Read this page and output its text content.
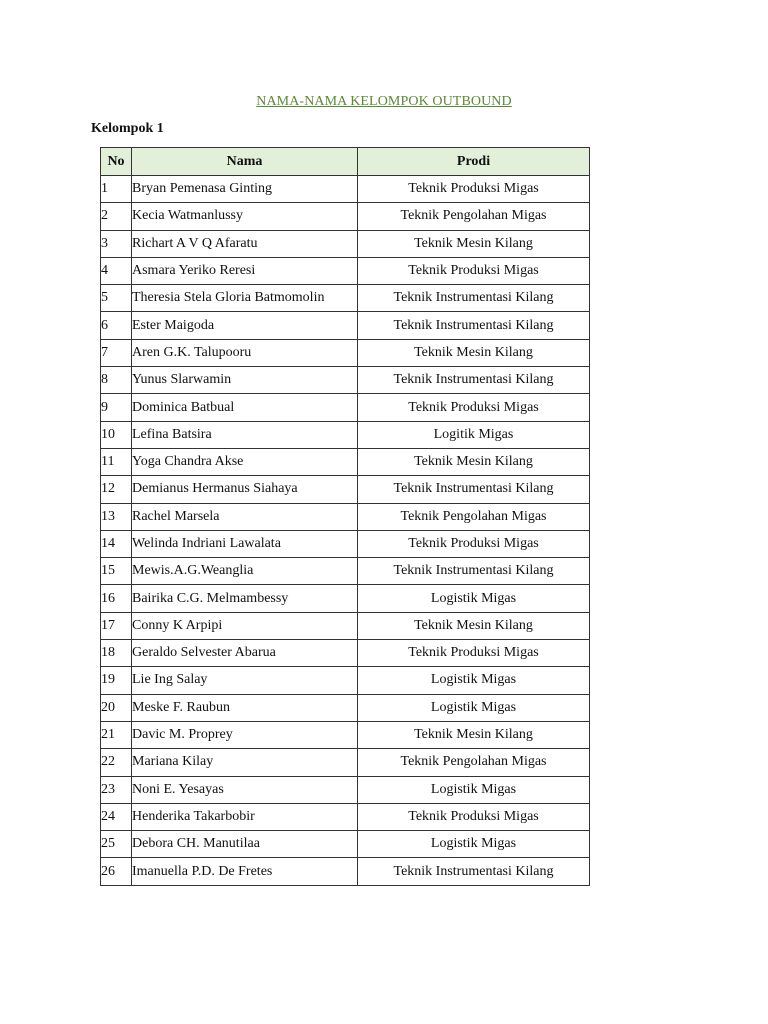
NAMA-NAMA KELOMPOK OUTBOUND
Kelompok 1
No	Nama	Prodi
1	Bryan Pemenasa Ginting	Teknik Produksi Migas
2	Kecia Watmanlussy	Teknik Pengolahan Migas
3	Richart A V Q Afaratu	Teknik Mesin Kilang
4	Asmara Yeriko Reresi	Teknik Produksi Migas
5	Theresia Stela Gloria Batmomolin	Teknik Instrumentasi Kilang
6	Ester Maigoda	Teknik Instrumentasi Kilang
7	Aren G.K. Talupooru	Teknik Mesin Kilang
8	Yunus Slarwamin	Teknik Instrumentasi Kilang
9	Dominica Batbual	Teknik Produksi Migas
10	Lefina Batsira	Logitik Migas
11	Yoga Chandra Akse	Teknik Mesin Kilang
12	Demianus Hermanus Siahaya	Teknik Instrumentasi Kilang
13	Rachel Marsela	Teknik Pengolahan Migas
14	Welinda Indriani Lawalata	Teknik Produksi Migas
15	Mewis.A.G.Weanglia	Teknik Instrumentasi Kilang
16	Bairika C.G. Melmambessy	Logistik Migas
17	Conny K Arpipi	Teknik Mesin Kilang
18	Geraldo Selvester Abarua	Teknik Produksi Migas
19	Lie Ing Salay	Logistik Migas
20	Meske F. Raubun	Logistik Migas
21	Davic M. Proprey	Teknik Mesin Kilang
22	Mariana Kilay	Teknik Pengolahan Migas
23	Noni E. Yesayas	Logistik Migas
24	Henderika Takarbobir	Teknik Produksi Migas
25	Debora CH. Manutilaa	Logistik Migas
26	Imanuella P.D. De Fretes	Teknik Instrumentasi Kilang
